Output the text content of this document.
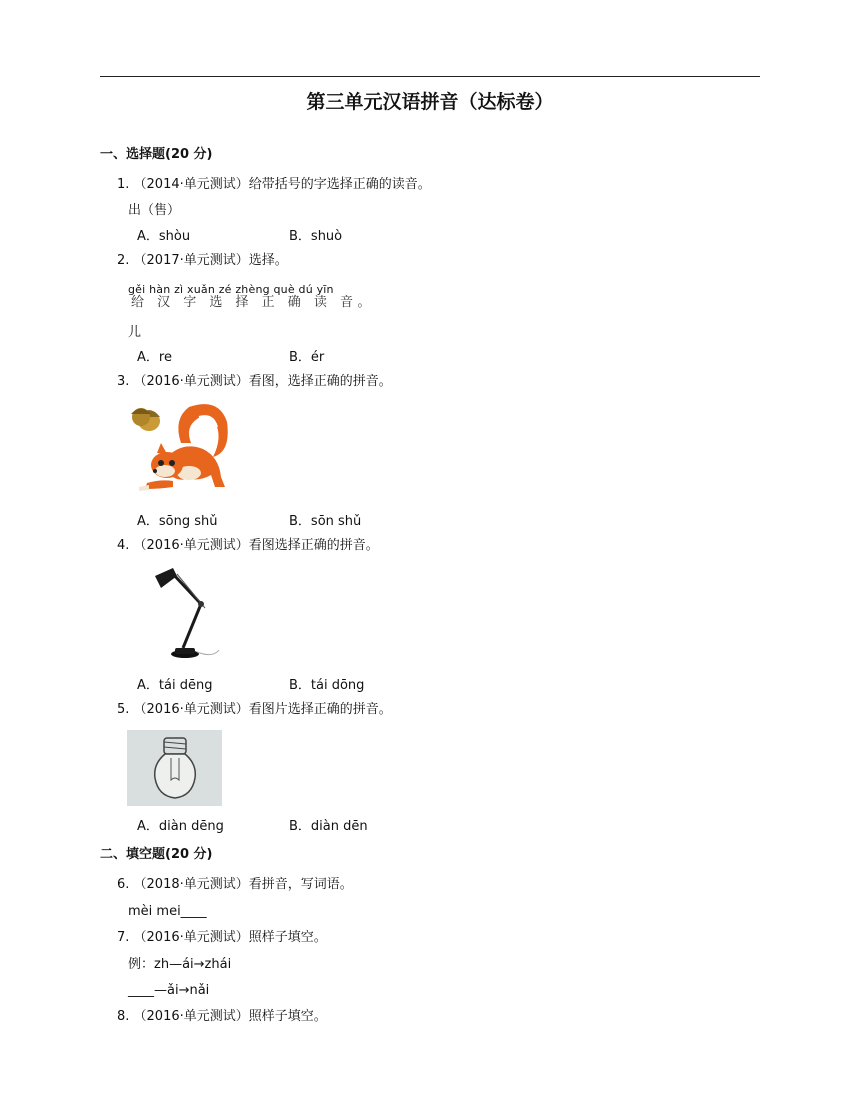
第三单元汉语拼音（达标卷）
一、选择题(20 分)
1. （2014·单元测试）给带括号的字选择正确的读音。
出（售）
A．shòu	B．shuò
2. （2017·单元测试）选择。
gěi hàn zì xuǎn zé zhèng què dú yīn
给 汉 字 选 择 正 确 读 音。
儿
A．re	B．ér
3. （2016·单元测试）看图，选择正确的拼音。
A．sōng shǔ	B．sōn shǔ
4. （2016·单元测试）看图选择正确的拼音。
A．tái dēng	B．tái dōng
5. （2016·单元测试）看图片选择正确的拼音。
A．diàn dēng	B．diàn dēn
二、填空题(20 分)
6. （2018·单元测试）看拼音，写词语。
mèi mei____
7. （2016·单元测试）照样子填空。
例：zh—ái→zhái
____—ǎi→nǎi
8. （2016·单元测试）照样子填空。
